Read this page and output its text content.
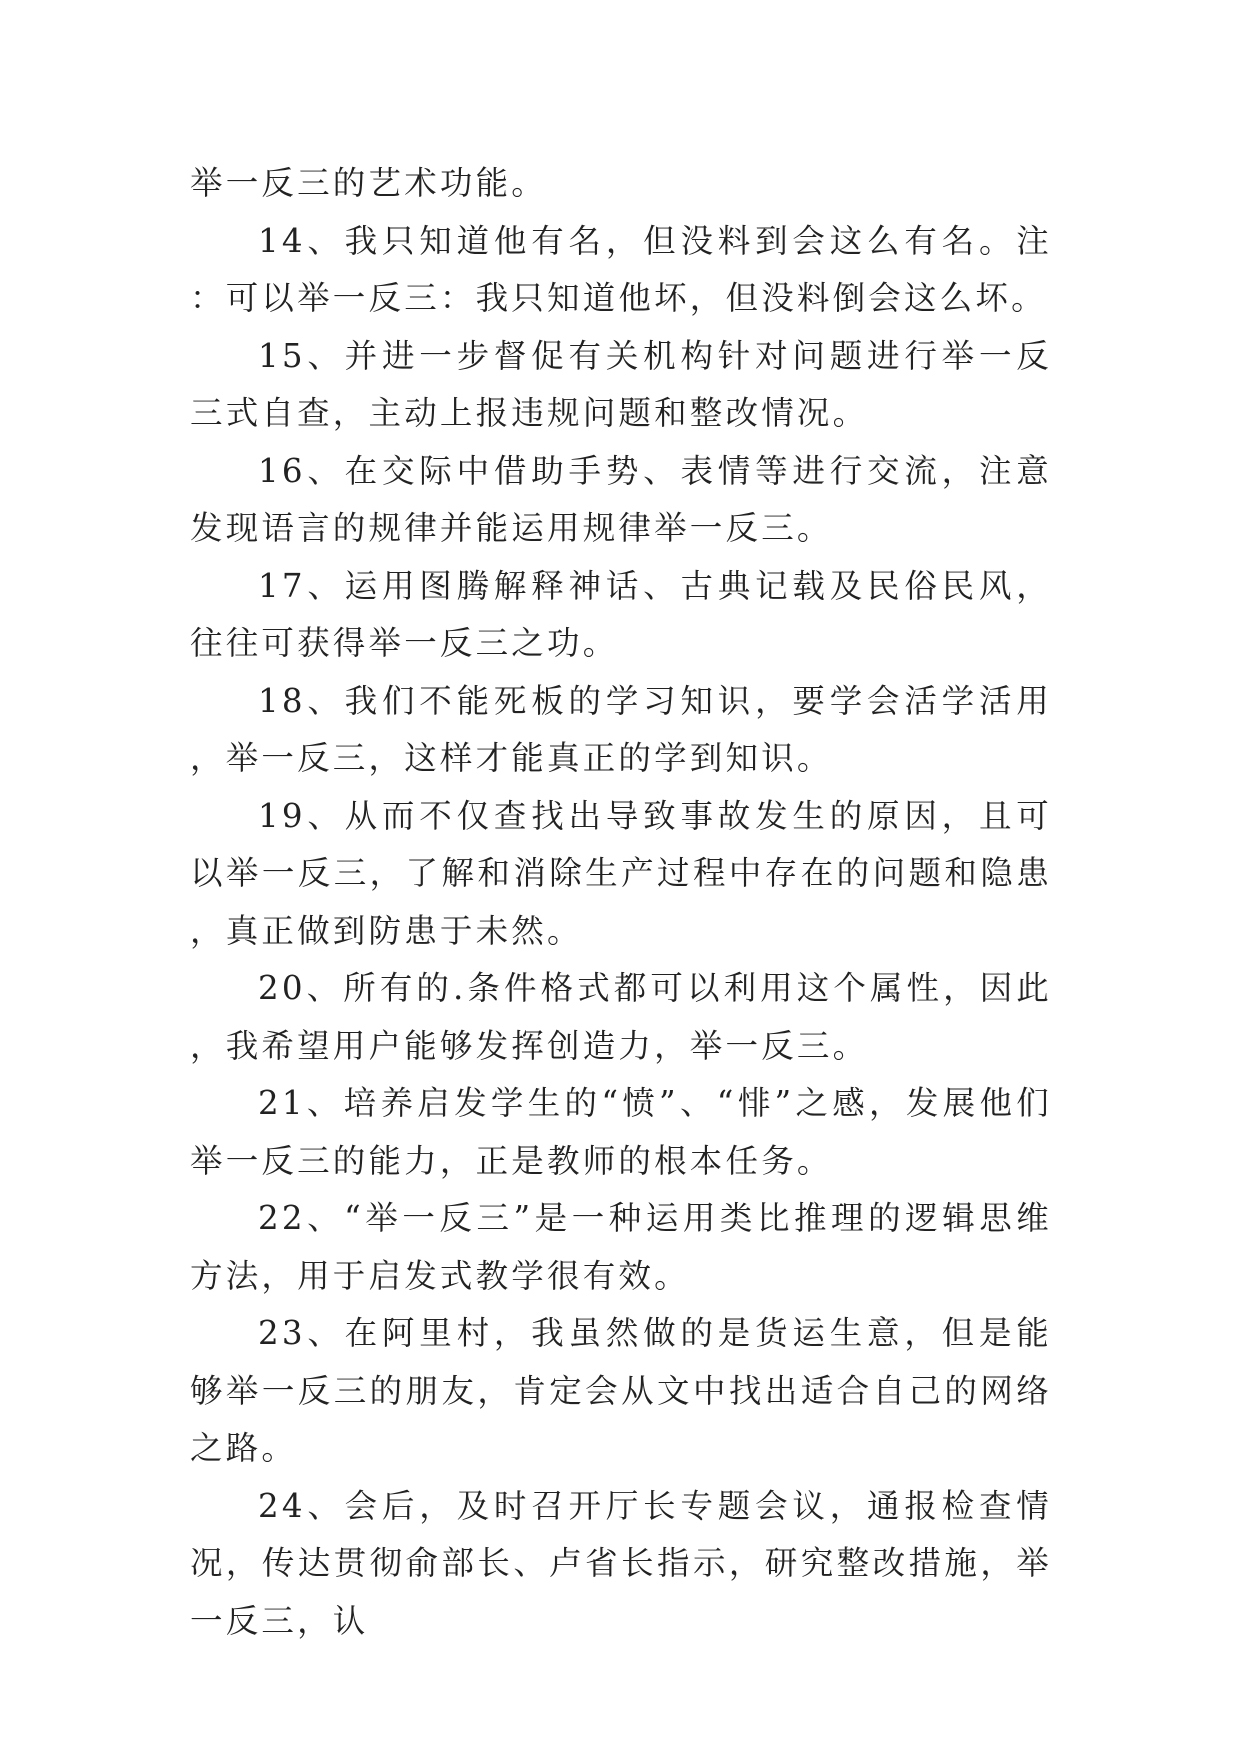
举一反三的艺术功能。

14、我只知道他有名，但没料到会这么有名。注：可以举一反三：我只知道他坏，但没料倒会这么坏。

15、并进一步督促有关机构针对问题进行举一反三式自查，主动上报违规问题和整改情况。

16、在交际中借助手势、表情等进行交流，注意发现语言的规律并能运用规律举一反三。

17、运用图腾解释神话、古典记载及民俗民风，往往可获得举一反三之功。

18、我们不能死板的学习知识，要学会活学活用，举一反三，这样才能真正的学到知识。

19、从而不仅查找出导致事故发生的原因，且可以举一反三，了解和消除生产过程中存在的问题和隐患，真正做到防患于未然。

20、所有的.条件格式都可以利用这个属性，因此，我希望用户能够发挥创造力，举一反三。

21、培养启发学生的“愤”、“悱”之感，发展他们举一反三的能力，正是教师的根本任务。

22、“举一反三”是一种运用类比推理的逻辑思维方法，用于启发式教学很有效。

23、在阿里村，我虽然做的是货运生意，但是能够举一反三的朋友，肯定会从文中找出适合自己的网络之路。

24、会后，及时召开厅长专题会议，通报检查情况，传达贯彻俞部长、卢省长指示，研究整改措施，举一反三，认
